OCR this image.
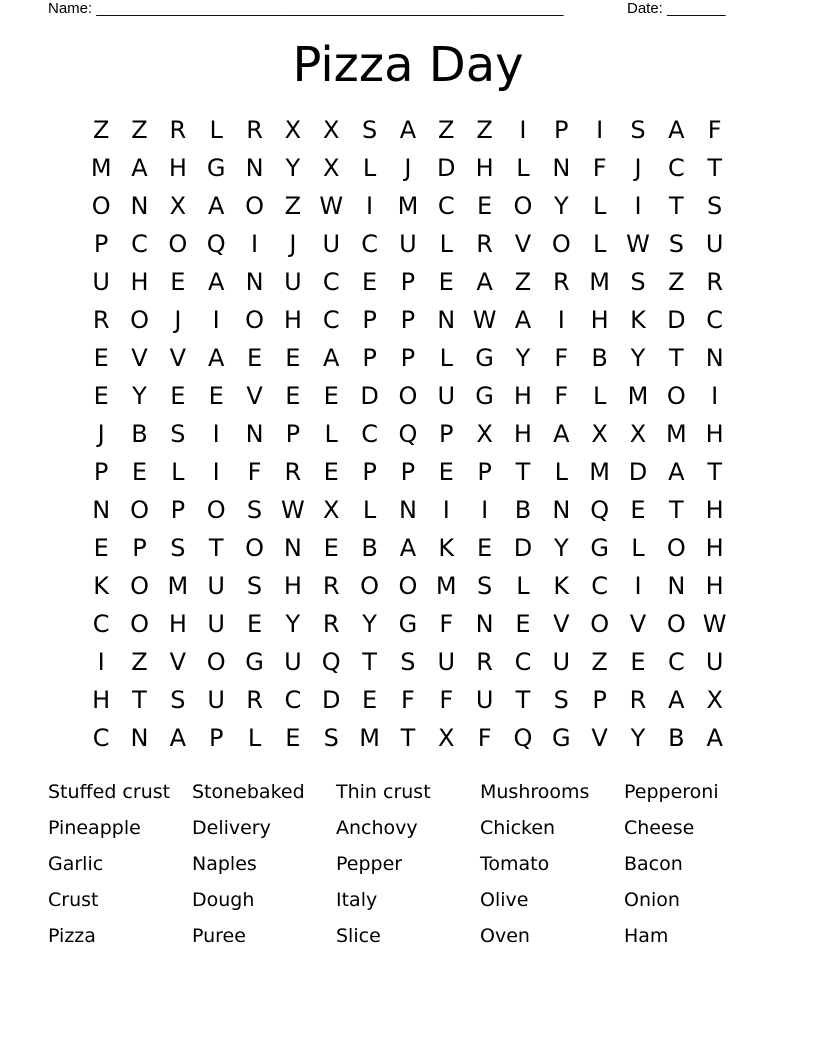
Name: ________________________________________________________	Date: _______
Pizza Day
Z Z R L R X X S A Z Z	I	P	I	S A F
M A H G N Y X L	J	D H L N F	J	C T
O N X A O Z W I	M C E O Y	L	I	T S
P C O Q	I	J	U C U L R V O L W S U
U H E A N U C E P E A Z R M S Z R
R O	J	I	O H C P P N W A	I	H K D C
E V V A E E A P P	L G Y	F B Y T N
E Y E E V E E D O U G H F	L M O	I
J	B S	I	N P	L C Q P X H A X X M H
P E	L	I	F R E P P E P T	L M D A T
N O P O S W X L N	I	I	B N Q E T H
E P S T O N E B A K E D Y G L O H
K O M U S H R O O M S	L K C	I	N H
C O H U E Y R Y G F N E V O V O W
I	Z V O G U Q T S U R C U Z E C U
H T S U R C D E F	F U T S P R A X
C N A P	L	E S M T X F Q G V Y B A
Stuffed crust	Stonebaked	Thin crust	Mushrooms	Pepperoni
Pineapple	Delivery	Anchovy	Chicken	Cheese
Garlic	Naples	Pepper	Tomato	Bacon
Crust	Dough	Italy	Olive	Onion
Pizza	Puree	Slice	Oven	Ham
